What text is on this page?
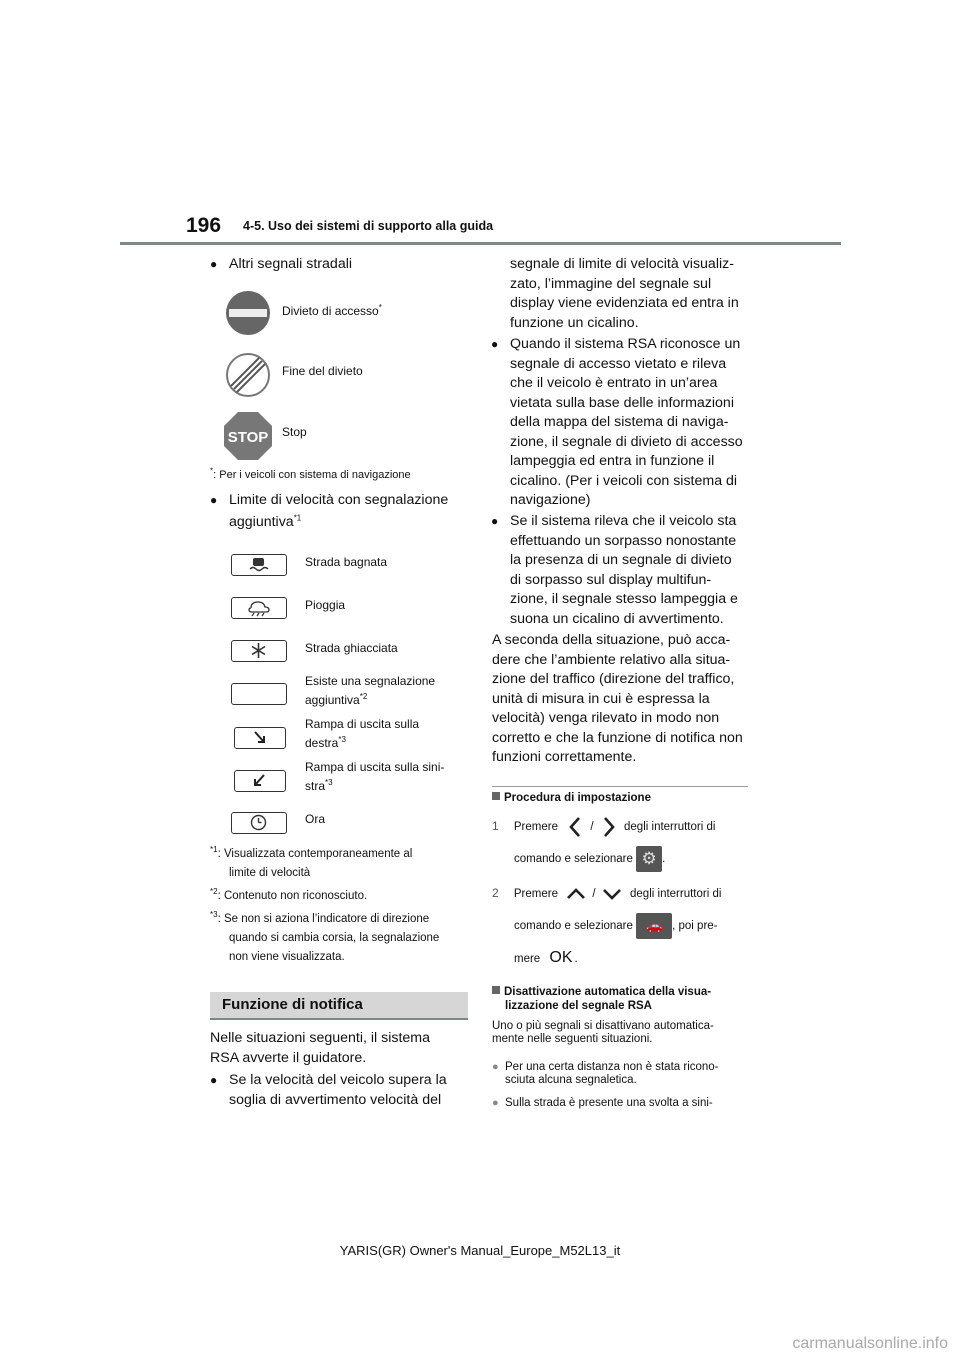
196 4-5. Uso dei sistemi di supporto alla guida
● Altri segnali stradali
Divieto di accesso*
Fine del divieto
STOP Stop
*: Per i veicoli con sistema di navigazione
● Limite di velocità con segnalazione
aggiuntiva$^{*1}$
Strada bagnata
Pioggia
Strada ghiacciata
Esiste una segnalazione
aggiuntiva$^{*2}$
Rampa di uscita sulla
destra$^{*3}$
Rampa di uscita sulla sini-
stra$^{*3}$
Ora
$^{*1}$: Visualizzata contemporaneamente al
limite di velocità
$^{*2}$: Contenuto non riconosciuto.
$^{*3}$: Se non si aziona l’indicatore di direzione
quando si cambia corsia, la segnalazione
non viene visualizzata.
Funzione di notifica
Nelle situazioni seguenti, il sistema
RSA avverte il guidatore.
● Se la velocità del veicolo supera la
soglia di avvertimento velocità del
segnale di limite di velocità visualiz-
zato, l’immagine del segnale sul
display viene evidenziata ed entra in
funzione un cicalino.
● Quando il sistema RSA riconosce un
segnale di accesso vietato e rileva
che il veicolo è entrato in un’area
vietata sulla base delle informazioni
della mappa del sistema di naviga-
zione, il segnale di divieto di accesso
lampeggia ed entra in funzione il
cicalino. (Per i veicoli con sistema di
navigazione)
● Se il sistema rileva che il veicolo sta
effettuando un sorpasso nonostante
la presenza di un segnale di divieto
di sorpasso sul display multifun-
zione, il segnale stesso lampeggia e
suona un cicalino di avvertimento.
A seconda della situazione, può acca-
dere che l’ambiente relativo alla situa-
zione del traffico (direzione del traffico,
unità di misura in cui è espressa la
velocità) venga rilevato in modo non
corretto e che la funzione di notifica non
funzioni correttamente.
Procedura di impostazione
1 Premere	/	degli interruttori di
comando e selezionare ⚙ .
2 Premere	/	degli interruttori di
comando e selezionare 🚗 , poi pre-
mere OK .
Disattivazione automatica della visua-
lizzazione del segnale RSA
Uno o più segnali si disattivano automatica-
mente nelle seguenti situazioni.
● Per una certa distanza non è stata ricono-
sciuta alcuna segnaletica.
● Sulla strada è presente una svolta a sini-
YARIS(GR) Owner's Manual_Europe_M52L13_it
carmanualsonline.info
